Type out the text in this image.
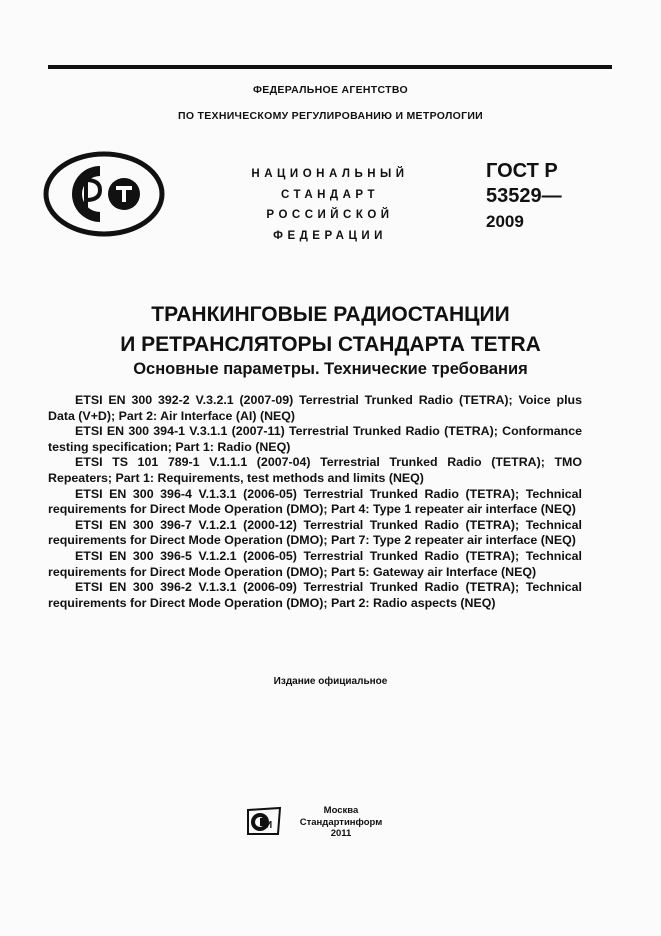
ФЕДЕРАЛЬНОЕ АГЕНТСТВО
ПО ТЕХНИЧЕСКОМУ РЕГУЛИРОВАНИЮ И МЕТРОЛОГИИ
НАЦИОНАЛЬНЫЙ
СТАНДАРТ
РОССИЙСКОЙ
ФЕДЕРАЦИИ
ГОСТ Р
53529—
2009
ТРАНКИНГОВЫЕ РАДИОСТАНЦИИ
И РЕТРАНСЛЯТОРЫ СТАНДАРТА TETRA
Основные параметры. Технические требования

ETSI EN 300 392-2 V.3.2.1 (2007-09) Terrestrial Trunked Radio (TETRA); Voice plus Data (V+D); Part 2: Air Interface (AI) (NEQ)

ETSI EN 300 394-1 V.3.1.1 (2007-11) Terrestrial Trunked Radio (TETRA); Conformance testing specification; Part 1: Radio (NEQ)

ETSI TS 101 789-1 V.1.1.1 (2007-04) Terrestrial Trunked Radio (TETRA); TMO Repeaters; Part 1: Requirements, test methods and limits (NEQ)

ETSI EN 300 396-4 V.1.3.1 (2006-05) Terrestrial Trunked Radio (TETRA); Technical requirements for Direct Mode Operation (DMO); Part 4: Type 1 repeater air interface (NEQ)

ETSI EN 300 396-7 V.1.2.1 (2000-12) Terrestrial Trunked Radio (TETRA); Technical requirements for Direct Mode Operation (DMO); Part 7: Type 2 repeater air interface (NEQ)

ETSI EN 300 396-5 V.1.2.1 (2006-05) Terrestrial Trunked Radio (TETRA); Technical requirements for Direct Mode Operation (DMO); Part 5: Gateway air Interface (NEQ)

ETSI EN 300 396-2 V.1.3.1 (2006-09) Terrestrial Trunked Radio (TETRA); Technical requirements for Direct Mode Operation (DMO); Part 2: Radio aspects (NEQ)

Издание официальное
И
Москва
Стандартинформ
2011
